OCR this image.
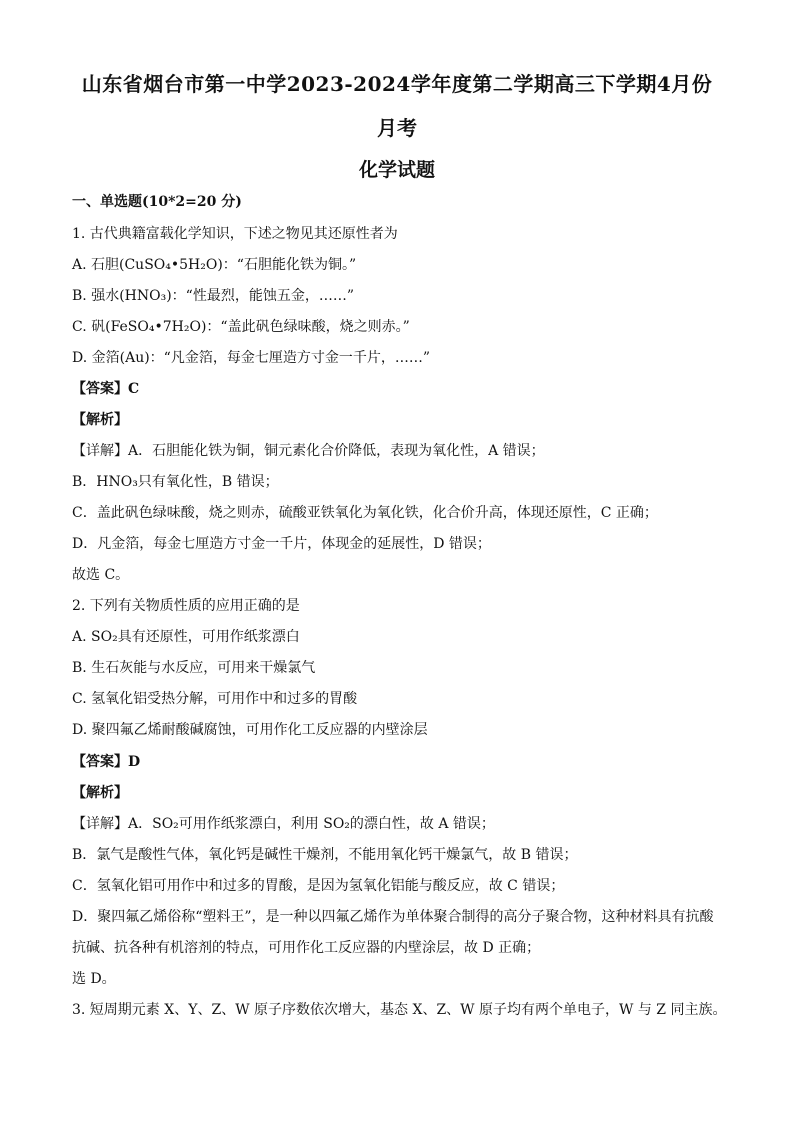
山东省烟台市第一中学2023-2024学年度第二学期高三下学期4月份
月考
化学试题
一、单选题(10*2=20 分)
1. 古代典籍富载化学知识，下述之物见其还原性者为
A. 石胆(CuSO₄•5H₂O)：“石胆能化铁为铜。”
B. 强水(HNO₃)：“性最烈，能蚀五金，……”
C. 矾(FeSO₄•7H₂O)：“盖此矾色绿味酸，烧之则赤。”
D. 金箔(Au)：“凡金箔，每金七厘造方寸金一千片，……”
【答案】C
【解析】
【详解】A．石胆能化铁为铜，铜元素化合价降低，表现为氧化性，A 错误；
B．HNO₃只有氧化性，B 错误；
C．盖此矾色绿味酸，烧之则赤，硫酸亚铁氧化为氧化铁，化合价升高，体现还原性，C 正确；
D．凡金箔，每金七厘造方寸金一千片，体现金的延展性，D 错误；
故选 C。
2. 下列有关物质性质的应用正确的是
A. SO₂具有还原性，可用作纸浆漂白
B. 生石灰能与水反应，可用来干燥氯气
C. 氢氧化铝受热分解，可用作中和过多的胃酸
D. 聚四氟乙烯耐酸碱腐蚀，可用作化工反应器的内壁涂层
【答案】D
【解析】
【详解】A．SO₂可用作纸浆漂白，利用 SO₂的漂白性，故 A 错误；
B．氯气是酸性气体，氧化钙是碱性干燥剂，不能用氧化钙干燥氯气，故 B 错误；
C．氢氧化铝可用作中和过多的胃酸，是因为氢氧化铝能与酸反应，故 C 错误；
D．聚四氟乙烯俗称“塑料王”，是一种以四氟乙烯作为单体聚合制得的高分子聚合物，这种材料具有抗酸
抗碱、抗各种有机溶剂的特点，可用作化工反应器的内壁涂层，故 D 正确；
选 D。
3. 短周期元素 X、Y、Z、W 原子序数依次增大，基态 X、Z、W 原子均有两个单电子，W 与 Z 同主族。
